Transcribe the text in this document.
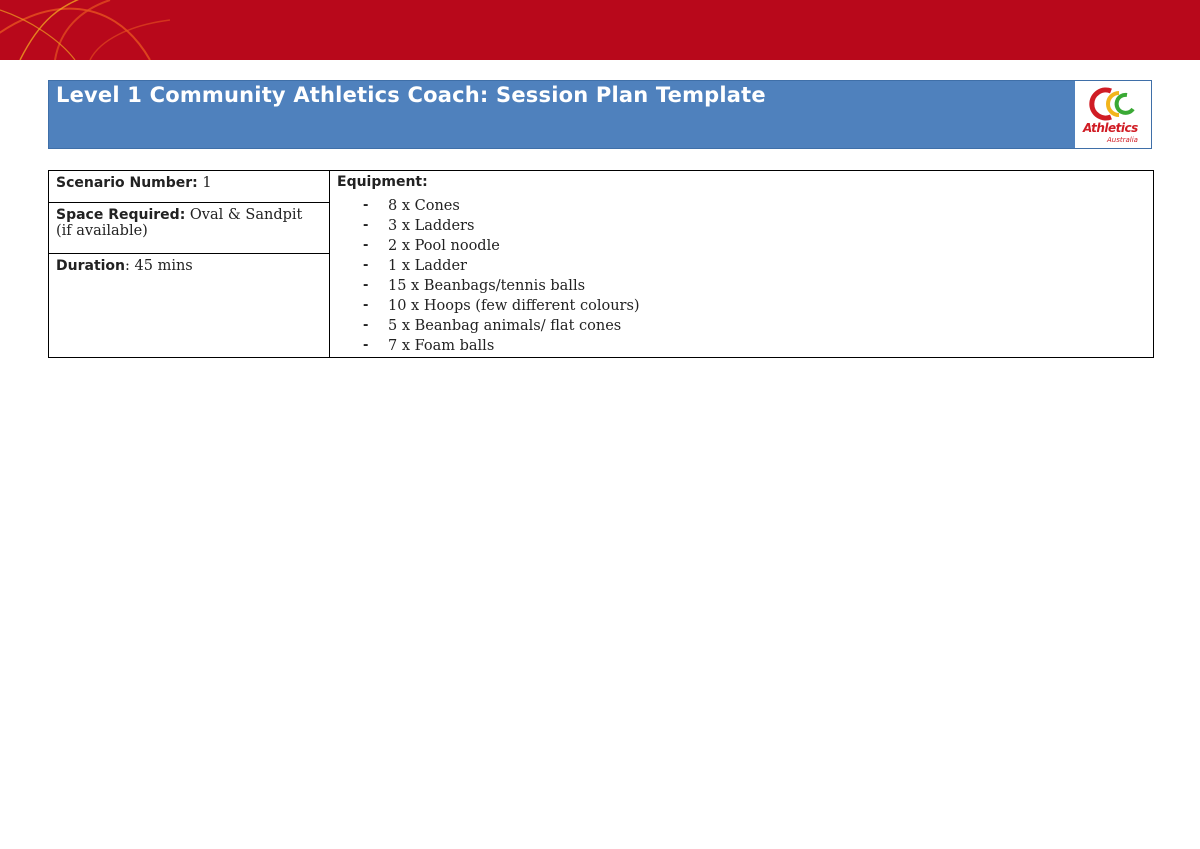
Level 1 Community Athletics Coach: Session Plan Template
Athletics
Australia
Scenario Number: 1	Equipment:
- 8 x Cones
- 3 x Ladders
- 2 x Pool noodle
- 1 x Ladder
- 15 x Beanbags/tennis balls
- 10 x Hoops (few different colours)
- 5 x Beanbag animals/ flat cones
- 7 x Foam balls

Space Required: Oval & Sandpit (if available)
Duration: 45 mins
